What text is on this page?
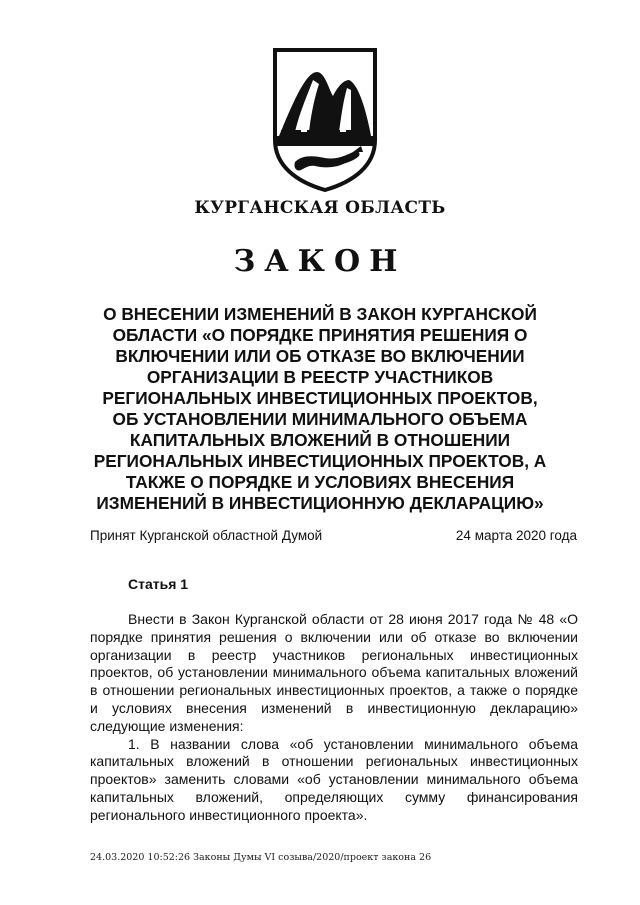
КУРГАНСКАЯ ОБЛАСТЬ
ЗАКОН
О ВНЕСЕНИИ ИЗМЕНЕНИЙ В ЗАКОН КУРГАНСКОЙ ОБЛАСТИ «О ПОРЯДКЕ ПРИНЯТИЯ РЕШЕНИЯ О ВКЛЮЧЕНИИ ИЛИ ОБ ОТКАЗЕ ВО ВКЛЮЧЕНИИ ОРГАНИЗАЦИИ В РЕЕСТР УЧАСТНИКОВ РЕГИОНАЛЬНЫХ ИНВЕСТИЦИОННЫХ ПРОЕКТОВ, ОБ УСТАНОВЛЕНИИ МИНИМАЛЬНОГО ОБЪЕМА КАПИТАЛЬНЫХ ВЛОЖЕНИЙ В ОТНОШЕНИИ РЕГИОНАЛЬНЫХ ИНВЕСТИЦИОННЫХ ПРОЕКТОВ, А ТАКЖЕ О ПОРЯДКЕ И УСЛОВИЯХ ВНЕСЕНИЯ ИЗМЕНЕНИЙ В ИНВЕСТИЦИОННУЮ ДЕКЛАРАЦИЮ»
Принят Курганской областной Думой	24 марта 2020 года
Статья 1

Внести в Закон Курганской области от 28 июня 2017 года № 48 «О порядке принятия решения о включении или об отказе во включении организации в реестр участников региональных инвестиционных проектов, об установлении минимального объема капитальных вложений в отношении региональных инвестиционных проектов, а также о порядке и условиях внесения изменений в инвестиционную декларацию» следующие изменения:

1. В названии слова «об установлении минимального объема капитальных вложений в отношении региональных инвестиционных проектов» заменить словами «об установлении минимального объема капитальных вложений, определяющих сумму финансирования регионального инвестиционного проекта».

24.03.2020 10:52:26 Законы Думы VI созыва/2020/проект закона 26
